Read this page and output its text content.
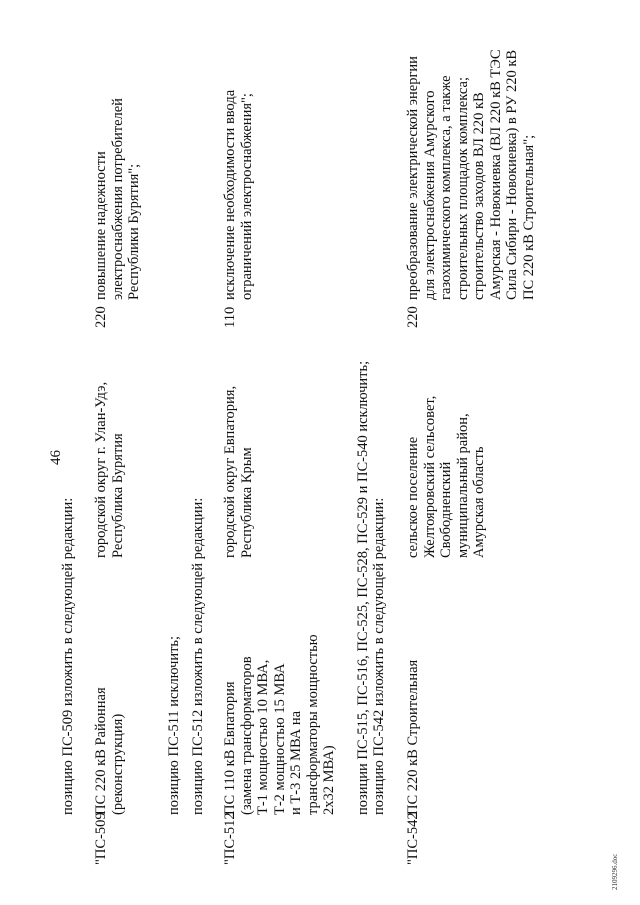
46
позицию ПС-509 изложить в следующей редакции:
"ПС-509
ПС 220 кВ Районная (реконструкция)
городской округ г. Улан-Удэ, Республика Бурятия
220
повышение надежности электроснабжения потребителей Республики Бурятия";
позицию ПС-511 исключить; позицию ПС-512 изложить в следующей редакции:
"ПС-512
ПС 110 кВ Евпатория (замена трансформаторов Т-1 мощностью 10 МВА, Т-2 мощностью 15 МВА и Т-3 25 МВА на трансформаторы мощностью 2х32 МВА)
городской округ Евпатория, Республика Крым
110
исключение необходимости ввода ограничений электроснабжения";
позиции ПС-515, ПС-516, ПС-525, ПС-528, ПС-529 и ПС-540 исключить; позицию ПС-542 изложить в следующей редакции:
"ПС-542
ПС 220 кВ Строительная
сельское поселение Желтояровский сельсовет, Свободненский муниципальный район, Амурская область
220
преобразование электрической энергии для электроснабжения Амурского газохимического комплекса, а также строительных площадок комплекса; строительство заходов ВЛ 220 кВ Амурская - Новокиевка (ВЛ 220 кВ ТЭС Сила Сибири - Новокиевка) в РУ 220 кВ ПС 220 кВ Строительная";
2109296.doc
